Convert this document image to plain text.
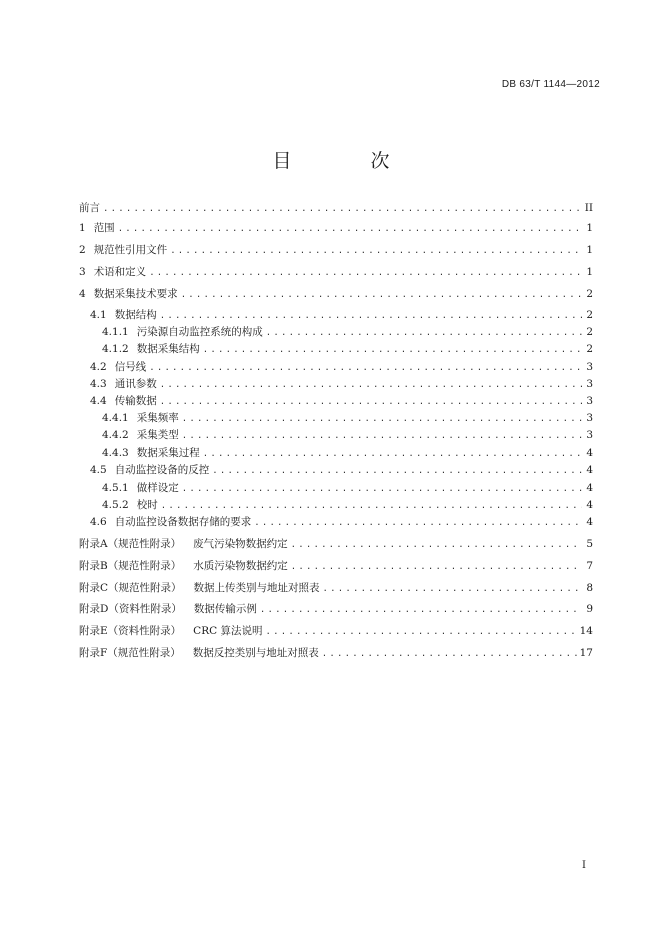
DB 63/T 1144—2012
目　次
前言 .....	II
1 范围 .....	1
2 规范性引用文件 .....	1
3 术语和定义 .....	1
4 数据采集技术要求 .....	2
4.1 数据结构 .....	2
4.1.1 污染源自动监控系统的构成 .....	2
4.1.2 数据采集结构 .....	2
4.2 信号线 .....	3
4.3 通讯参数 .....	3
4.4 传输数据 .....	3
4.4.1 采集频率 .....	3
4.4.2 采集类型 .....	3
4.4.3 数据采集过程 .....	4
4.5 自动监控设备的反控 .....	4
4.5.1 做样设定 .....	4
4.5.2 校时 .....	4
4.6 自动监控设备数据存储的要求 .....	4
附录A（规范性附录） 废气污染物数据约定 .....	5
附录B（规范性附录） 水质污染物数据约定 .....	7
附录C（规范性附录） 数据上传类别与地址对照表 .....	8
附录D（资料性附录） 数据传输示例 .....	9
附录E（资料性附录） CRC 算法说明 .....	14
附录F（规范性附录） 数据反控类别与地址对照表 .....	17
I
